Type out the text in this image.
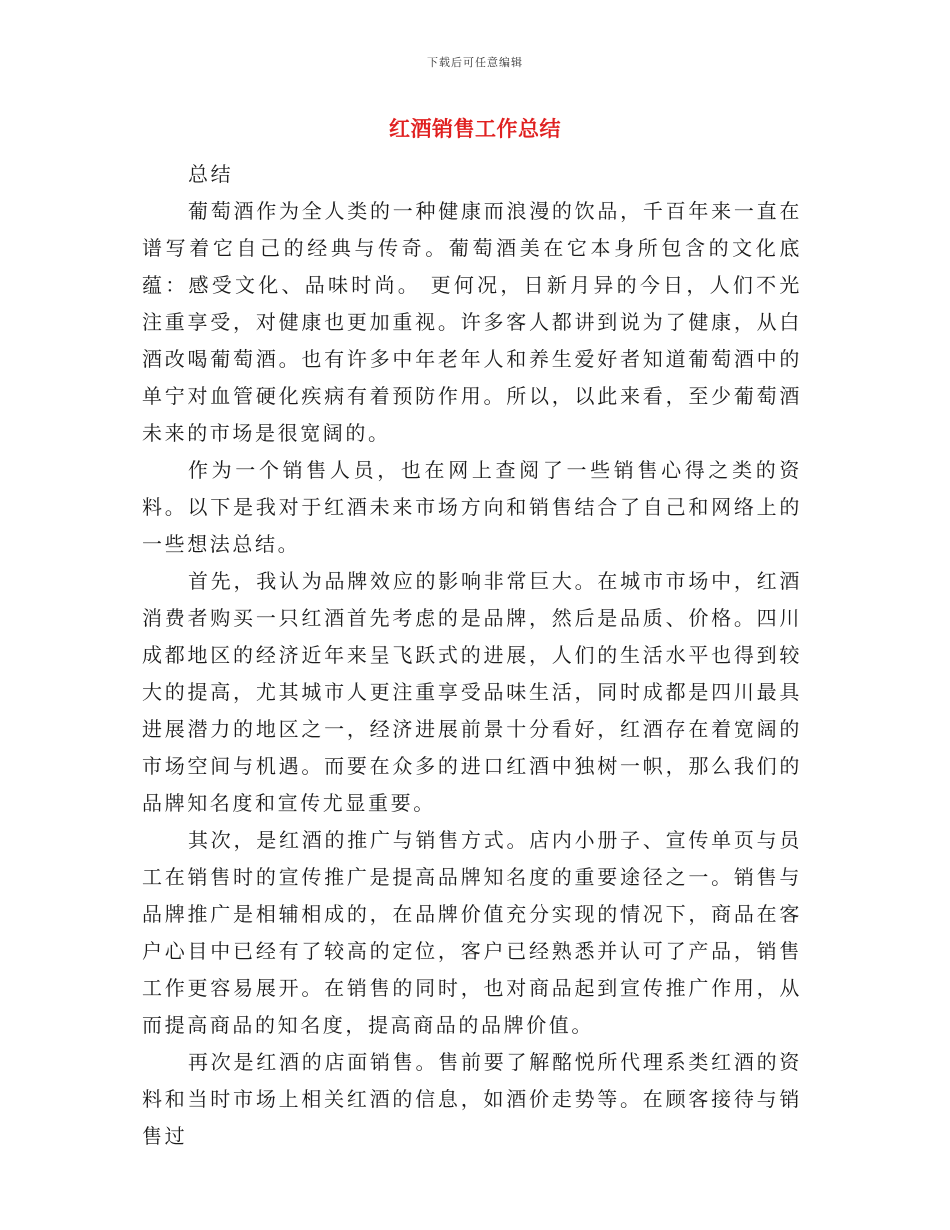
下载后可任意编辑
红酒销售工作总结

总结

葡萄酒作为全人类的一种健康而浪漫的饮品，千百年来一直在谱写着它自己的经典与传奇。葡萄酒美在它本身所包含的文化底蕴：感受文化、品味时尚。 更何况，日新月异的今日，人们不光注重享受，对健康也更加重视。许多客人都讲到说为了健康，从白酒改喝葡萄酒。也有许多中年老年人和养生爱好者知道葡萄酒中的单宁对血管硬化疾病有着预防作用。所以，以此来看，至少葡萄酒未来的市场是很宽阔的。

作为一个销售人员，也在网上查阅了一些销售心得之类的资料。以下是我对于红酒未来市场方向和销售结合了自己和网络上的一些想法总结。

首先，我认为品牌效应的影响非常巨大。在城市市场中，红酒消费者购买一只红酒首先考虑的是品牌，然后是品质、价格。四川成都地区的经济近年来呈飞跃式的进展，人们的生活水平也得到较大的提高，尤其城市人更注重享受品味生活，同时成都是四川最具进展潜力的地区之一，经济进展前景十分看好，红酒存在着宽阔的市场空间与机遇。而要在众多的进口红酒中独树一帜，那么我们的品牌知名度和宣传尤显重要。

其次，是红酒的推广与销售方式。店内小册子、宣传单页与员工在销售时的宣传推广是提高品牌知名度的重要途径之一。销售与品牌推广是相辅相成的，在品牌价值充分实现的情况下，商品在客户心目中已经有了较高的定位，客户已经熟悉并认可了产品，销售工作更容易展开。在销售的同时，也对商品起到宣传推广作用，从而提高商品的知名度，提高商品的品牌价值。

再次是红酒的店面销售。售前要了解酩悦所代理系类红酒的资料和当时市场上相关红酒的信息，如酒价走势等。在顾客接待与销售过
